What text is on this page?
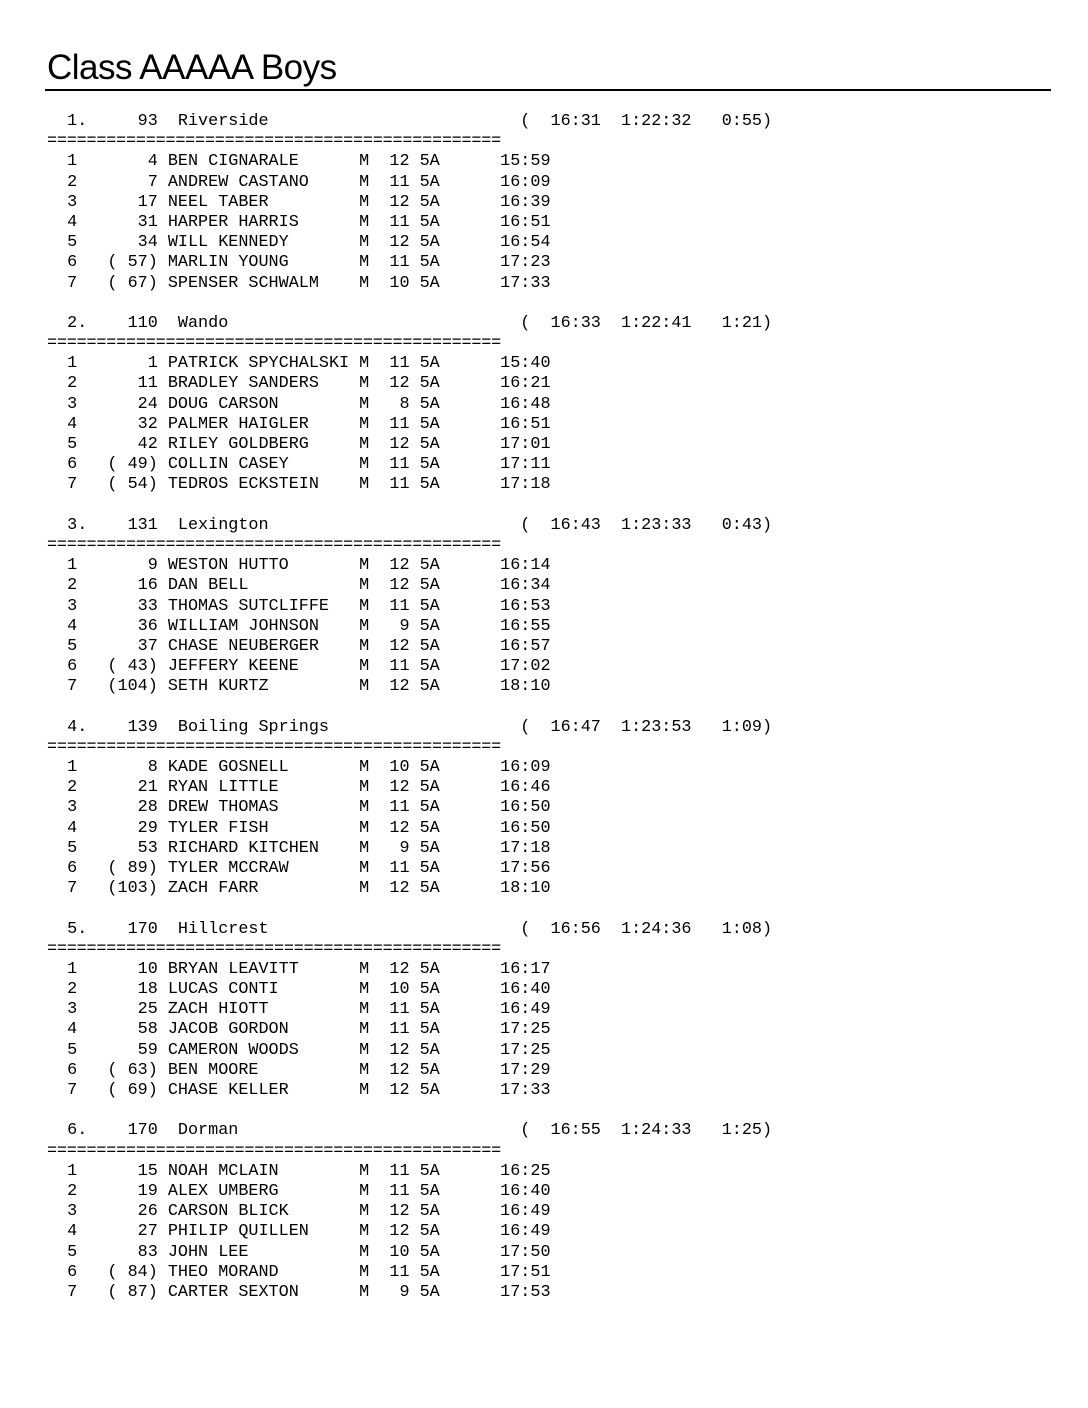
Class AAAAA Boys
1.     93  Riverside                         (  16:31  1:22:32   0:55)
==============================================
1       4 BEN CIGNARALE      M  12 5A      15:59
2       7 ANDREW CASTANO     M  11 5A      16:09
3      17 NEEL TABER         M  12 5A      16:39
4      31 HARPER HARRIS      M  11 5A      16:51
5      34 WILL KENNEDY       M  12 5A      16:54
6   ( 57) MARLIN YOUNG       M  11 5A      17:23
7   ( 67) SPENSER SCHWALM    M  10 5A      17:33
2.    110  Wando                             (  16:33  1:22:41   1:21)
==============================================
1       1 PATRICK SPYCHALSKI M  11 5A      15:40
2      11 BRADLEY SANDERS    M  12 5A      16:21
3      24 DOUG CARSON        M   8 5A      16:48
4      32 PALMER HAIGLER     M  11 5A      16:51
5      42 RILEY GOLDBERG     M  12 5A      17:01
6   ( 49) COLLIN CASEY       M  11 5A      17:11
7   ( 54) TEDROS ECKSTEIN    M  11 5A      17:18
3.    131  Lexington                         (  16:43  1:23:33   0:43)
==============================================
1       9 WESTON HUTTO       M  12 5A      16:14
2      16 DAN BELL           M  12 5A      16:34
3      33 THOMAS SUTCLIFFE   M  11 5A      16:53
4      36 WILLIAM JOHNSON    M   9 5A      16:55
5      37 CHASE NEUBERGER    M  12 5A      16:57
6   ( 43) JEFFERY KEENE      M  11 5A      17:02
7   (104) SETH KURTZ         M  12 5A      18:10
4.    139  Boiling Springs                   (  16:47  1:23:53   1:09)
==============================================
1       8 KADE GOSNELL       M  10 5A      16:09
2      21 RYAN LITTLE        M  12 5A      16:46
3      28 DREW THOMAS        M  11 5A      16:50
4      29 TYLER FISH         M  12 5A      16:50
5      53 RICHARD KITCHEN    M   9 5A      17:18
6   ( 89) TYLER MCCRAW       M  11 5A      17:56
7   (103) ZACH FARR          M  12 5A      18:10
5.    170  Hillcrest                         (  16:56  1:24:36   1:08)
==============================================
1      10 BRYAN LEAVITT      M  12 5A      16:17
2      18 LUCAS CONTI        M  10 5A      16:40
3      25 ZACH HIOTT         M  11 5A      16:49
4      58 JACOB GORDON       M  11 5A      17:25
5      59 CAMERON WOODS      M  12 5A      17:25
6   ( 63) BEN MOORE          M  12 5A      17:29
7   ( 69) CHASE KELLER       M  12 5A      17:33
6.    170  Dorman                            (  16:55  1:24:33   1:25)
==============================================
1      15 NOAH MCLAIN        M  11 5A      16:25
2      19 ALEX UMBERG        M  11 5A      16:40
3      26 CARSON BLICK       M  12 5A      16:49
4      27 PHILIP QUILLEN     M  12 5A      16:49
5      83 JOHN LEE           M  10 5A      17:50
6   ( 84) THEO MORAND        M  11 5A      17:51
7   ( 87) CARTER SEXTON      M   9 5A      17:53
